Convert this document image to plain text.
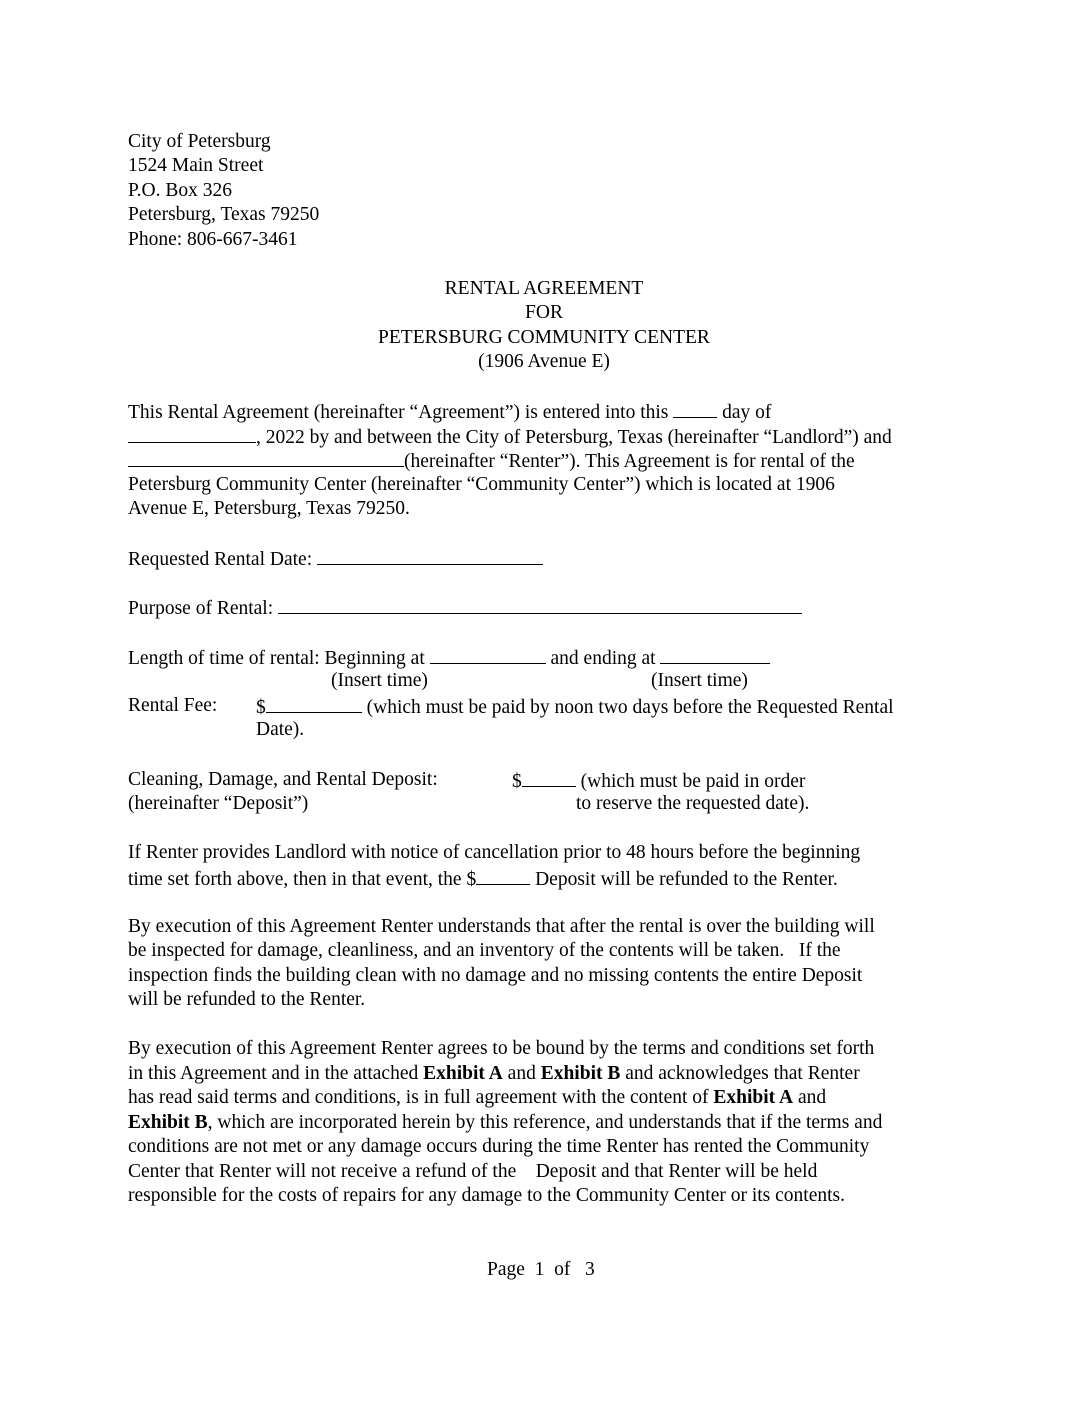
City of Petersburg
1524 Main Street
P.O. Box 326
Petersburg, Texas 79250
Phone: 806-667-3461
RENTAL AGREEMENT
FOR
PETERSBURG COMMUNITY CENTER
(1906 Avenue E)
This Rental Agreement (hereinafter “Agreement”) is entered into this  day of
, 2022 by and between the City of Petersburg, Texas (hereinafter “Landlord”) and
(hereinafter “Renter”). This Agreement is for rental of the
Petersburg Community Center (hereinafter “Community Center”) which is located at 1906
Avenue E, Petersburg, Texas 79250.
Requested Rental Date:
Purpose of Rental:
Length of time of rental: Beginning at	and ending at
(Insert time)	(Insert time)
Rental Fee: $	(which must be paid by noon two days before the Requested Rental
Date).
Cleaning, Damage, and Rental Deposit:	$	(which must be paid in order
(hereinafter “Deposit”)	to reserve the requested date).
If Renter provides Landlord with notice of cancellation prior to 48 hours before the beginning
time set forth above, then in that event, the $	Deposit will be refunded to the Renter.
By execution of this Agreement Renter understands that after the rental is over the building will
be inspected for damage, cleanliness, and an inventory of the contents will be taken.   If the
inspection finds the building clean with no damage and no missing contents the entire Deposit
will be refunded to the Renter.
By execution of this Agreement Renter agrees to be bound by the terms and conditions set forth
in this Agreement and in the attached Exhibit A and Exhibit B and acknowledges that Renter
has read said terms and conditions, is in full agreement with the content of Exhibit A and
Exhibit B, which are incorporated herein by this reference, and understands that if the terms and
conditions are not met or any damage occurs during the time Renter has rented the Community
Center that Renter will not receive a refund of the    Deposit and that Renter will be held
responsible for the costs of repairs for any damage to the Community Center or its contents.
Page  1  of   3
